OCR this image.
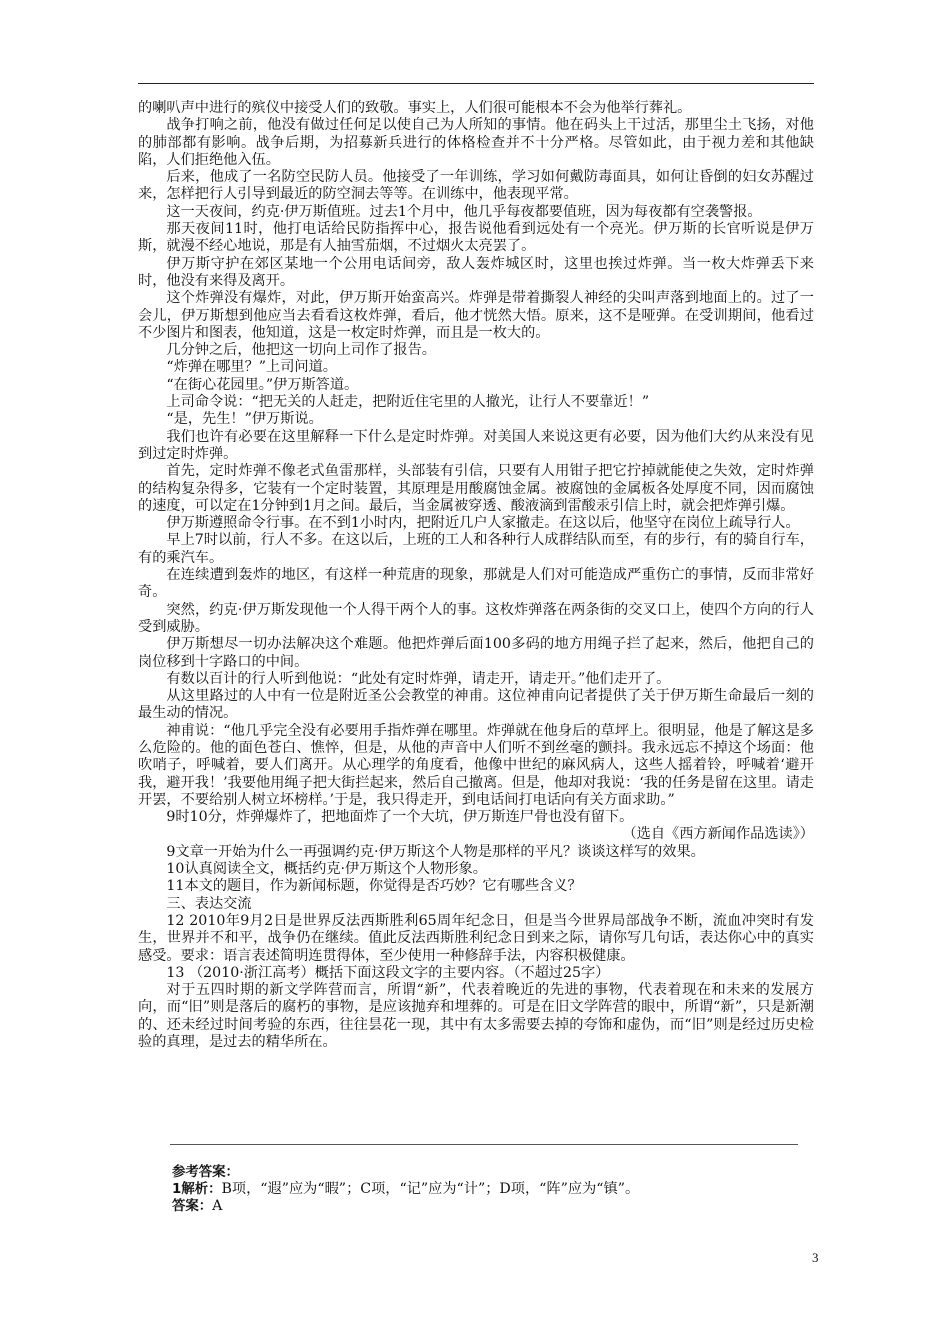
的喇叭声中进行的殡仪中接受人们的致敬。事实上，人们很可能根本不会为他举行葬礼。

战争打响之前，他没有做过任何足以使自己为人所知的事情。他在码头上干过活，那里尘土飞扬，对他的肺部都有影响。战争后期，为招募新兵进行的体格检查并不十分严格。尽管如此，由于视力差和其他缺陷，人们拒绝他入伍。

后来，他成了一名防空民防人员。他接受了一年训练，学习如何戴防毒面具，如何让昏倒的妇女苏醒过来，怎样把行人引导到最近的防空洞去等等。在训练中，他表现平常。

这一天夜间，约克·伊万斯值班。过去1个月中，他几乎每夜都要值班，因为每夜都有空袭警报。

那天夜间11时，他打电话给民防指挥中心，报告说他看到远处有一个亮光。伊万斯的长官听说是伊万斯，就漫不经心地说，那是有人抽雪茄烟，不过烟火太亮罢了。

伊万斯守护在郊区某地一个公用电话间旁，敌人轰炸城区时，这里也挨过炸弹。当一枚大炸弹丢下来时，他没有来得及离开。

这个炸弹没有爆炸，对此，伊万斯开始蛮高兴。炸弹是带着撕裂人神经的尖叫声落到地面上的。过了一会儿，伊万斯想到他应当去看看这枚炸弹，看后，他才恍然大悟。原来，这不是哑弹。在受训期间，他看过不少图片和图表，他知道，这是一枚定时炸弹，而且是一枚大的。

几分钟之后，他把这一切向上司作了报告。

“炸弹在哪里？”上司问道。

“在街心花园里。”伊万斯答道。

上司命令说：“把无关的人赶走，把附近住宅里的人撤光，让行人不要靠近！”

“是，先生！”伊万斯说。

我们也许有必要在这里解释一下什么是定时炸弹。对美国人来说这更有必要，因为他们大约从来没有见到过定时炸弹。

首先，定时炸弹不像老式鱼雷那样，头部装有引信，只要有人用钳子把它拧掉就能使之失效，定时炸弹的结构复杂得多，它装有一个定时装置，其原理是用酸腐蚀金属。被腐蚀的金属板各处厚度不同，因而腐蚀的速度，可以定在1分钟到1月之间。最后，当金属被穿透、酸液滴到雷酸汞引信上时，就会把炸弹引爆。

伊万斯遵照命令行事。在不到1小时内，把附近几户人家撤走。在这以后，他坚守在岗位上疏导行人。

早上7时以前，行人不多。在这以后，上班的工人和各种行人成群结队而至，有的步行，有的骑自行车，有的乘汽车。

在连续遭到轰炸的地区，有这样一种荒唐的现象，那就是人们对可能造成严重伤亡的事情，反而非常好奇。

突然，约克·伊万斯发现他一个人得干两个人的事。这枚炸弹落在两条街的交叉口上，使四个方向的行人受到威胁。

伊万斯想尽一切办法解决这个难题。他把炸弹后面100多码的地方用绳子拦了起来，然后，他把自己的岗位移到十字路口的中间。

有数以百计的行人听到他说：“此处有定时炸弹，请走开，请走开。”他们走开了。

从这里路过的人中有一位是附近圣公会教堂的神甫。这位神甫向记者提供了关于伊万斯生命最后一刻的最生动的情况。

神甫说：“他几乎完全没有必要用手指炸弹在哪里。炸弹就在他身后的草坪上。很明显，他是了解这是多么危险的。他的面色苍白、憔悴，但是，从他的声音中人们听不到丝毫的颤抖。我永远忘不掉这个场面：他吹哨子，呼喊着，要人们离开。从心理学的角度看，他像中世纪的麻风病人，这些人摇着铃，呼喊着‘避开我，避开我！’我要他用绳子把大街拦起来，然后自己撤离。但是，他却对我说：‘我的任务是留在这里。请走开罢，不要给别人树立坏榜样。’于是，我只得走开，到电话间打电话向有关方面求助。”

9时10分，炸弹爆炸了，把地面炸了一个大坑，伊万斯连尸骨也没有留下。

（选自《西方新闻作品选读》）

9文章一开始为什么一再强调约克·伊万斯这个人物是那样的平凡？谈谈这样写的效果。

10认真阅读全文，概括约克·伊万斯这个人物形象。

11本文的题目，作为新闻标题，你觉得是否巧妙？它有哪些含义？

三、表达交流

12 2010年9月2日是世界反法西斯胜利65周年纪念日，但是当今世界局部战争不断，流血冲突时有发生，世界并不和平，战争仍在继续。值此反法西斯胜利纪念日到来之际，请你写几句话，表达你心中的真实感受。要求：语言表述简明连贯得体，至少使用一种修辞手法，内容积极健康。

13 （2010·浙江高考）概括下面这段文字的主要内容。（不超过25字）

对于五四时期的新文学阵营而言，所谓“新”，代表着晚近的先进的事物，代表着现在和未来的发展方向，而“旧”则是落后的腐朽的事物，是应该抛弃和埋葬的。可是在旧文学阵营的眼中，所谓“新”，只是新潮的、还未经过时间考验的东西，往往昙花一现，其中有太多需要去掉的夸饰和虚伪，而“旧”则是经过历史检验的真理，是过去的精华所在。

参考答案：

1解析：B项，“遐”应为“暇”；C项，“记”应为“计”；D项，“阵”应为“镇”。

答案：A

3
